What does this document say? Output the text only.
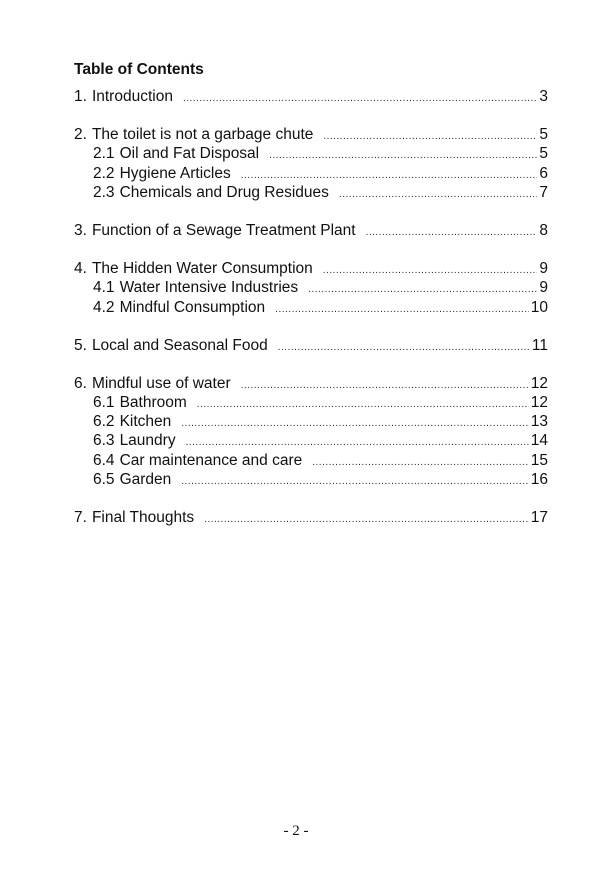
Table of Contents
1. Introduction .....	3
2. The toilet is not a garbage chute .....	5
2.1 Oil and Fat Disposal .....	5
2.2 Hygiene Articles .....	6
2.3 Chemicals and Drug Residues .....	7
3. Function of a Sewage Treatment Plant .....	8
4. The Hidden Water Consumption .....	9
4.1 Water Intensive Industries .....	9
4.2 Mindful Consumption .....	10
5. Local and Seasonal Food .....	11
6. Mindful use of water .....	12
6.1 Bathroom .....	12
6.2 Kitchen .....	13
6.3 Laundry .....	14
6.4 Car maintenance and care .....	15
6.5 Garden .....	16
7. Final Thoughts .....	17
- 2 -
